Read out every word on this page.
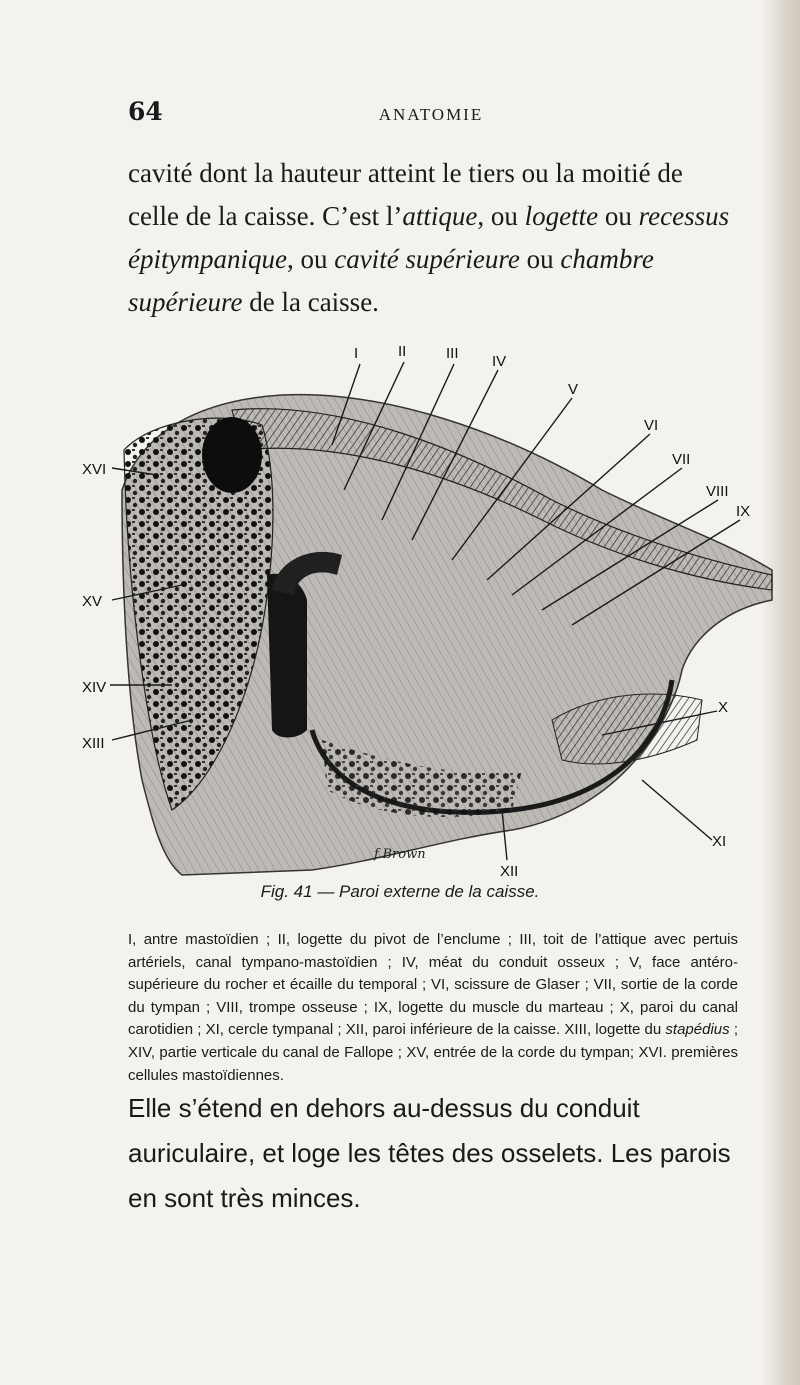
64	ANATOMIE

cavité dont la hauteur atteint le tiers ou la moitié de celle de la caisse. C’est l’attique, ou logette ou recessus épitympanique, ou cavité supérieure ou chambre supérieure de la caisse.

I	II	III IV
V
VI
VII
VIII
IX
X
XI
XII
XIII
XIV
XV
XVI
f.Brown
Fig. 41 — Paroi externe de la caisse.

I, antre mastoïdien ; II, logette du pivot de l’enclume ; III, toit de l’attique avec pertuis artériels, canal tympano-mastoïdien ; IV, méat du conduit osseux ; V, face antéro-supérieure du rocher et écaille du temporal ; VI, scissure de Glaser ; VII, sortie de la corde du tympan ; VIII, trompe osseuse ; IX, logette du muscle du marteau ; X, paroi du canal carotidien ; XI, cercle tympanal ; XII, paroi inférieure de la caisse. XIII, logette du stapédius ; XIV, partie verticale du canal de Fallope ; XV, entrée de la corde du tympan; XVI. premières cellules mastoïdiennes.

Elle s’étend en dehors au-dessus du conduit auriculaire, et loge les têtes des osselets. Les parois en sont très minces.
